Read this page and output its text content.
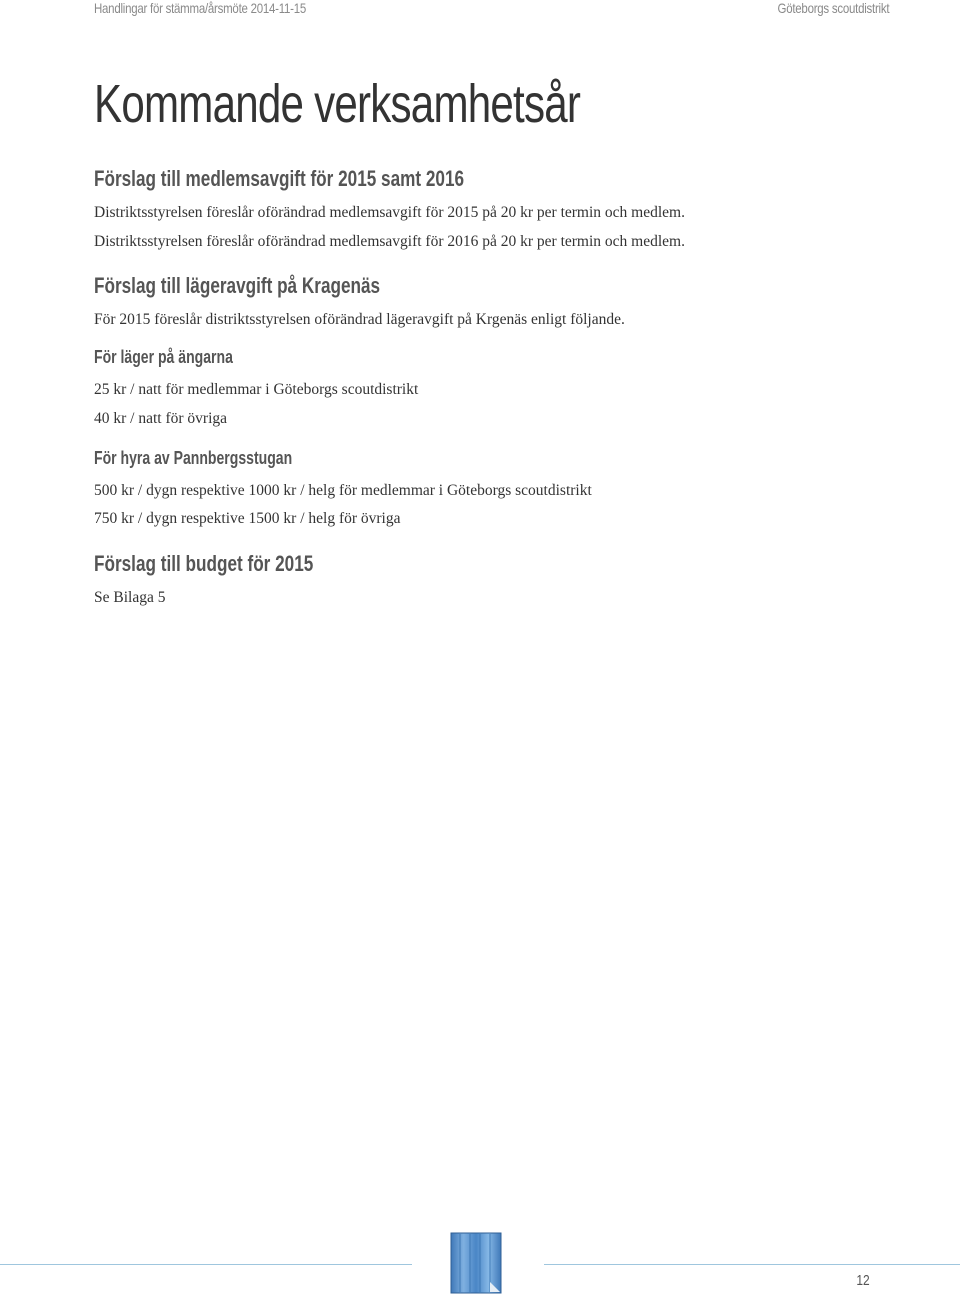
Handlingar för stämma/årsmöte 2014-11-15	Göteborgs scoutdistrikt
Kommande verksamhetsår
Förslag till medlemsavgift för 2015 samt 2016

Distriktsstyrelsen föreslår oförändrad medlemsavgift för 2015 på 20 kr per termin och medlem.

Distriktsstyrelsen föreslår oförändrad medlemsavgift för 2016 på 20 kr per termin och medlem.

Förslag till lägeravgift på Kragenäs

För 2015 föreslår distriktsstyrelsen oförändrad lägeravgift på Krgenäs enligt följande.

För läger på ängarna

25 kr / natt för medlemmar i Göteborgs scoutdistrikt

40 kr / natt för övriga

För hyra av Pannbergsstugan

500 kr / dygn respektive 1000 kr / helg för medlemmar i Göteborgs scoutdistrikt

750 kr / dygn respektive 1500 kr / helg för övriga

Förslag till budget för 2015

Se Bilaga 5

12
